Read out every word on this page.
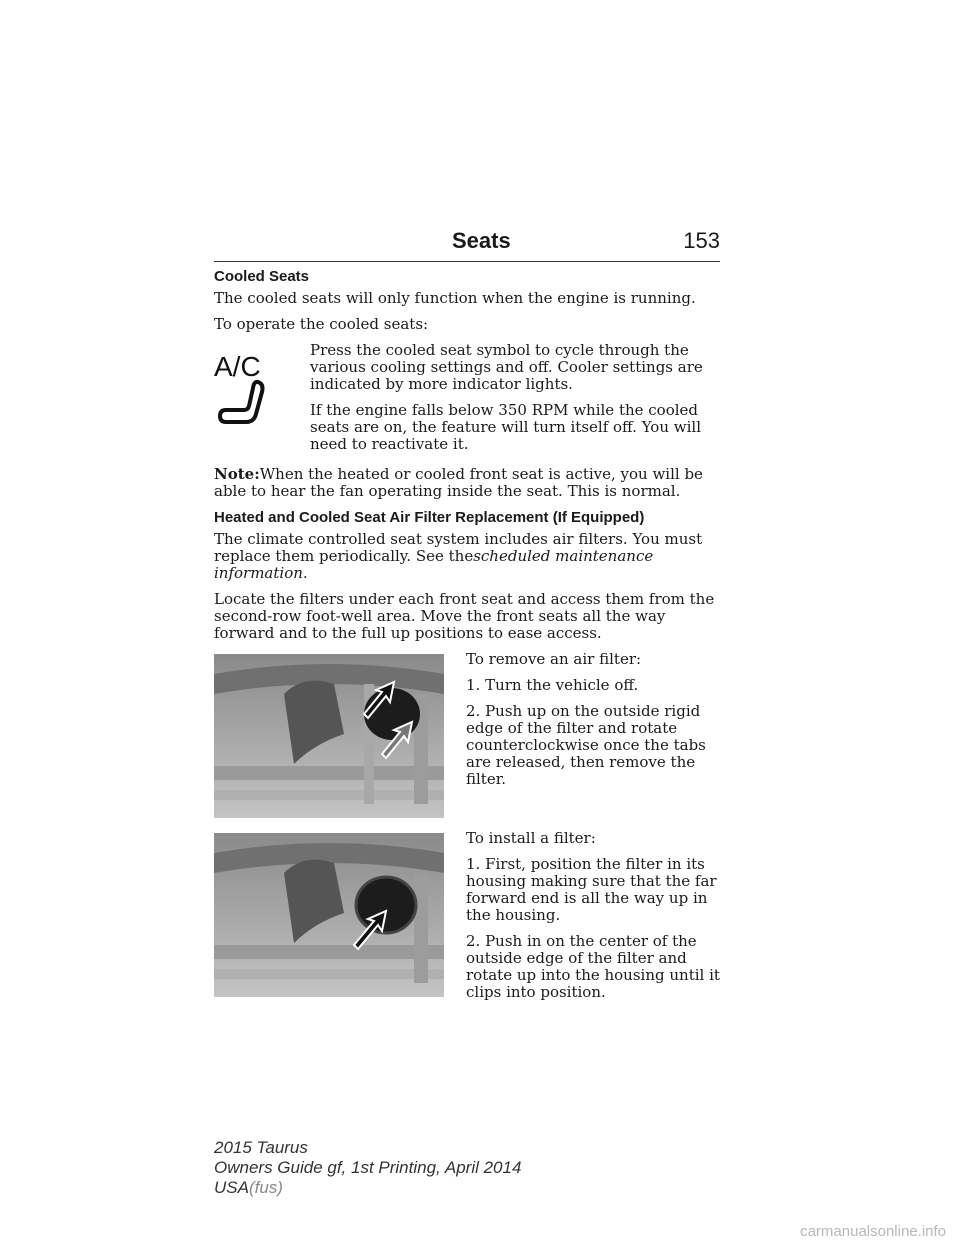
Seats	153
Cooled Seats

The cooled seats will only function when the engine is running.

To operate the cooled seats:

A/C

Press the cooled seat symbol to cycle through the various cooling settings and off. Cooler settings are indicated by more indicator lights.

If the engine falls below 350 RPM while the cooled seats are on, the feature will turn itself off. You will need to reactivate it.

Note:When the heated or cooled front seat is active, you will be able to hear the fan operating inside the seat. This is normal.

Heated and Cooled Seat Air Filter Replacement (If Equipped)

The climate controlled seat system includes air filters. You must replace them periodically. See thescheduled maintenance information.

Locate the filters under each front seat and access them from the second-row foot-well area. Move the front seats all the way forward and to the full up positions to ease access.

To remove an air filter:

1. Turn the vehicle off.

2. Push up on the outside rigid edge of the filter and rotate counterclockwise once the tabs are released, then remove the filter.

To install a filter:

1. First, position the filter in its housing making sure that the far forward end is all the way up in the housing.

2. Push in on the center of the outside edge of the filter and rotate up into the housing until it clips into position.

2015 Taurus
Owners Guide gf, 1st Printing, April 2014
USA(fus)
carmanualsonline.info
